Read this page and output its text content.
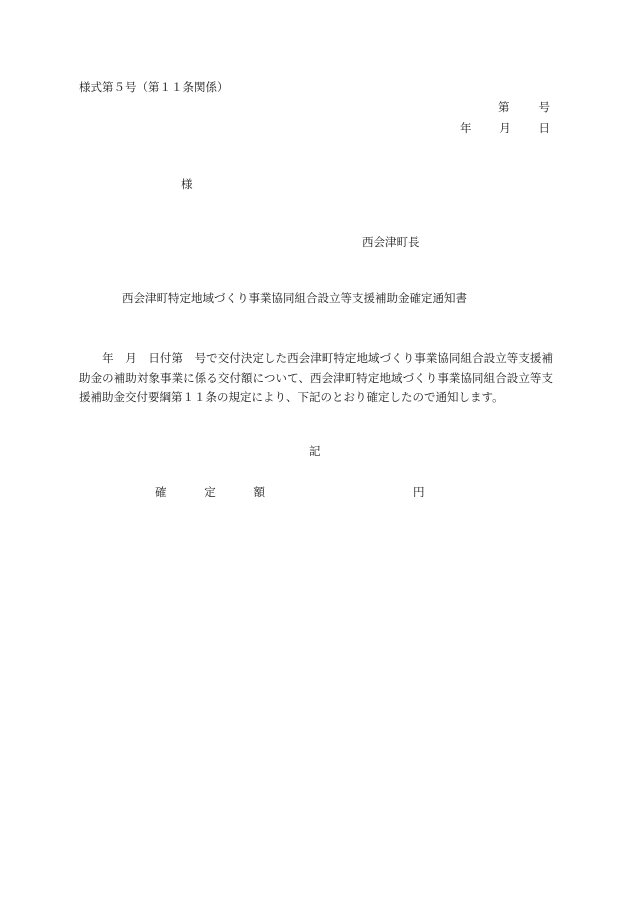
様式第５号（第１１条関係）
第	号
年 月 日
様
西会津町長
西会津町特定地域づくり事業協同組合設立等支援補助金確定通知書
　　年　月　日付第　号で交付決定した西会津町特定地域づくり事業協同組合設立等支援補助金の補助対象事業に係る交付額について、西会津町特定地域づくり事業協同組合設立等支援補助金交付要綱第１１条の規定により、下記のとおり確定したので通知します。
記
確	定	額	円
